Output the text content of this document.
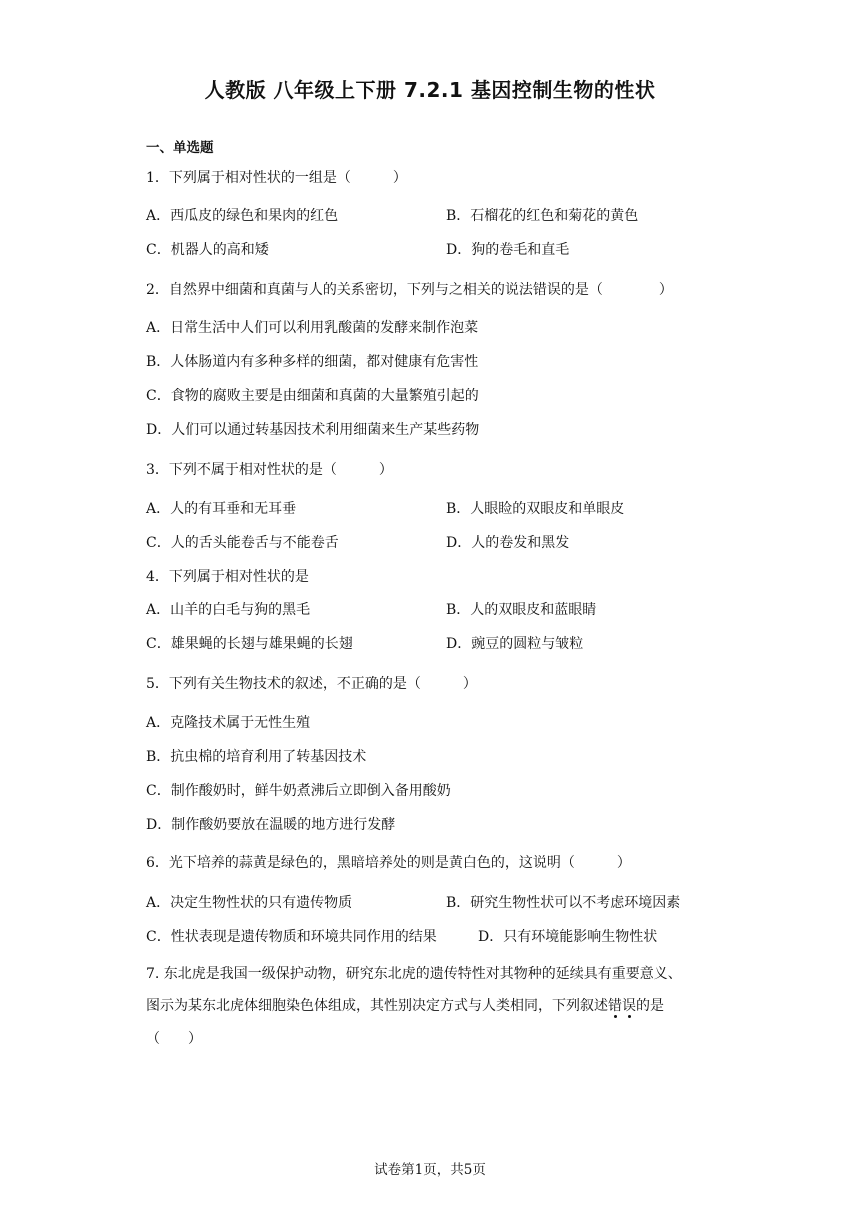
人教版 八年级上下册 7.2.1 基因控制生物的性状
一、单选题
1．下列属于相对性状的一组是（　　　）
A．西瓜皮的绿色和果肉的红色	B．石榴花的红色和菊花的黄色
C．机器人的高和矮	D．狗的卷毛和直毛
2．自然界中细菌和真菌与人的关系密切，下列与之相关的说法错误的是（　　　　）
A．日常生活中人们可以利用乳酸菌的发酵来制作泡菜
B．人体肠道内有多种多样的细菌，都对健康有危害性
C．食物的腐败主要是由细菌和真菌的大量繁殖引起的
D．人们可以通过转基因技术利用细菌来生产某些药物
3．下列不属于相对性状的是（　　　）
A．人的有耳垂和无耳垂	B．人眼睑的双眼皮和单眼皮
C．人的舌头能卷舌与不能卷舌	D．人的卷发和黑发
4．下列属于相对性状的是
A．山羊的白毛与狗的黑毛	B．人的双眼皮和蓝眼睛
C．雄果蝇的长翅与雄果蝇的长翅	D．豌豆的圆粒与皱粒
5．下列有关生物技术的叙述，不正确的是（　　　）
A．克隆技术属于无性生殖
B．抗虫棉的培育利用了转基因技术
C．制作酸奶时，鲜牛奶煮沸后立即倒入备用酸奶
D．制作酸奶要放在温暖的地方进行发酵
6．光下培养的蒜黄是绿色的，黑暗培养处的则是黄白色的，这说明（　　　）
A．决定生物性状的只有遗传物质	B．研究生物性状可以不考虑环境因素
C．性状表现是遗传物质和环境共同作用的结果	D．只有环境能影响生物性状
7. 东北虎是我国一级保护动物，研究东北虎的遗传特性对其物种的延续具有重要意义、
图示为某东北虎体细胞染色体组成，其性别决定方式与人类相同，下列叙述错误的是
（　　）
试卷第1页，共5页
